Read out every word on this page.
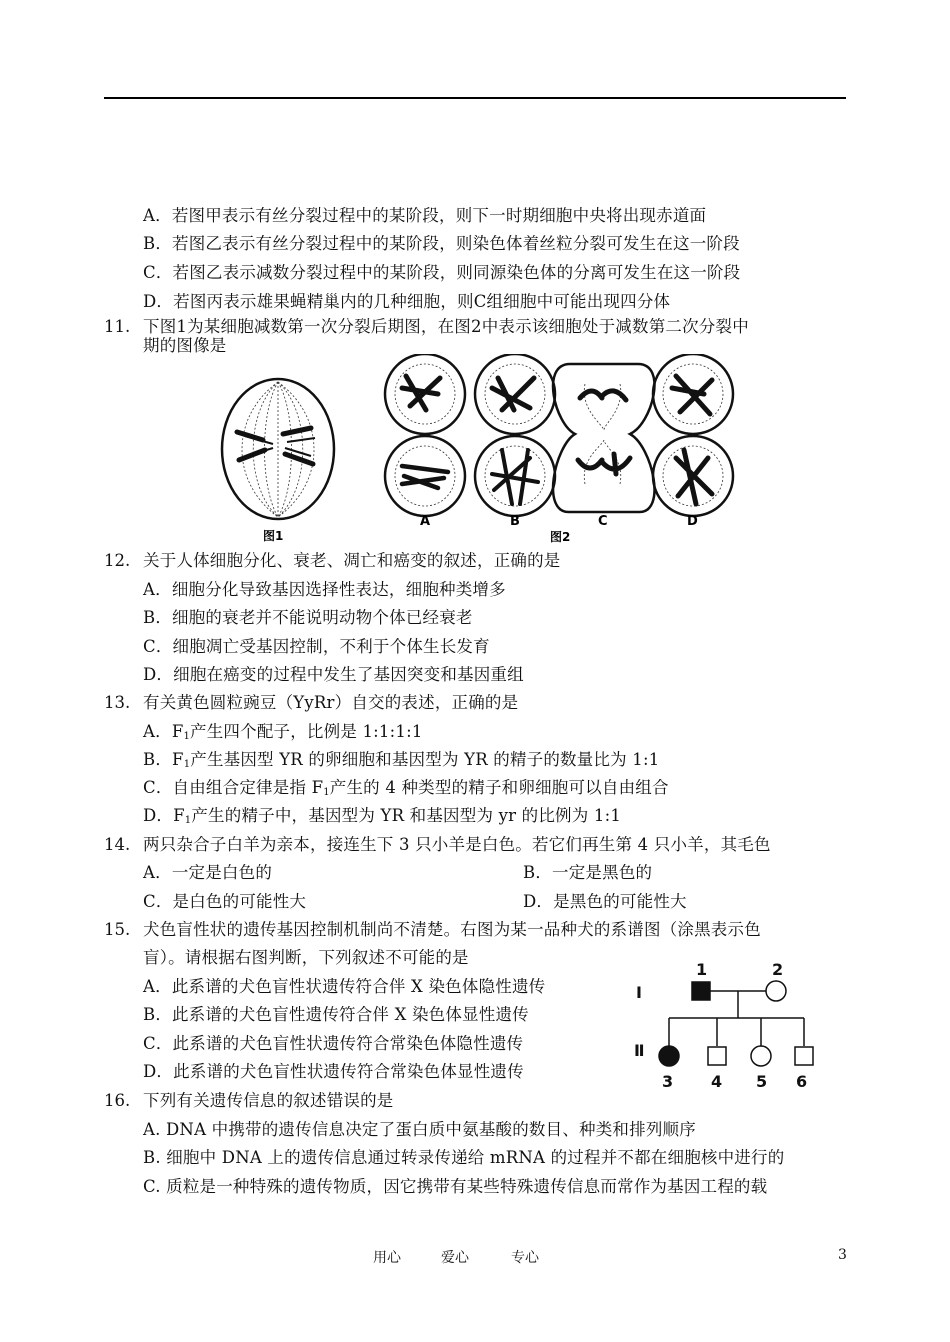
A．若图甲表示有丝分裂过程中的某阶段，则下一时期细胞中央将出现赤道面
B．若图乙表示有丝分裂过程中的某阶段，则染色体着丝粒分裂可发生在这一阶段
C．若图乙表示减数分裂过程中的某阶段，则同源染色体的分离可发生在这一阶段
D．若图丙表示雄果蝇精巢内的几种细胞，则C组细胞中可能出现四分体
11. 下图1为某细胞减数第一次分裂后期图，在图2中表示该细胞处于减数第二次分裂中
期的图像是
图1
A	B	C	D
图2
12. 关于人体细胞分化、衰老、凋亡和癌变的叙述，正确的是
A．细胞分化导致基因选择性表达，细胞种类增多
B．细胞的衰老并不能说明动物个体已经衰老
C．细胞凋亡受基因控制，不利于个体生长发育
D．细胞在癌变的过程中发生了基因突变和基因重组
13. 有关黄色圆粒豌豆（YyRr）自交的表述，正确的是
A．$F_1$产生四个配子，比例是 1:1:1:1
B．$F_1$产生基因型 YR 的卵细胞和基因型为 YR 的精子的数量比为 1:1
C．自由组合定律是指 $F_1$产生的 4 种类型的精子和卵细胞可以自由组合
D．$F_1$产生的精子中，基因型为 YR 和基因型为 yr 的比例为 1:1
14. 两只杂合子白羊为亲本，接连生下 3 只小羊是白色。若它们再生第 4 只小羊，其毛色
A．一定是白色的	B．一定是黑色的
C．是白色的可能性大	D．是黑色的可能性大
15. 犬色盲性状的遗传基因控制机制尚不清楚。右图为某一品种犬的系谱图（涂黑表示色
盲）。请根据右图判断，下列叙述不可能的是
A．此系谱的犬色盲性状遗传符合伴 X 染色体隐性遗传
B．此系谱的犬色盲性遗传符合伴 X 染色体显性遗传
C．此系谱的犬色盲性状遗传符合常染色体隐性遗传
D．此系谱的犬色盲性状遗传符合常染色体显性遗传
I
Ⅱ
1	2
3 4 5 6
16. 下列有关遗传信息的叙述错误的是
A. DNA 中携带的遗传信息决定了蛋白质中氨基酸的数目、种类和排列顺序
B. 细胞中 DNA 上的遗传信息通过转录传递给 mRNA 的过程并不都在细胞核中进行的
C. 质粒是一种特殊的遗传物质，因它携带有某些特殊遗传信息而常作为基因工程的载
用心	爱心	专心	3
